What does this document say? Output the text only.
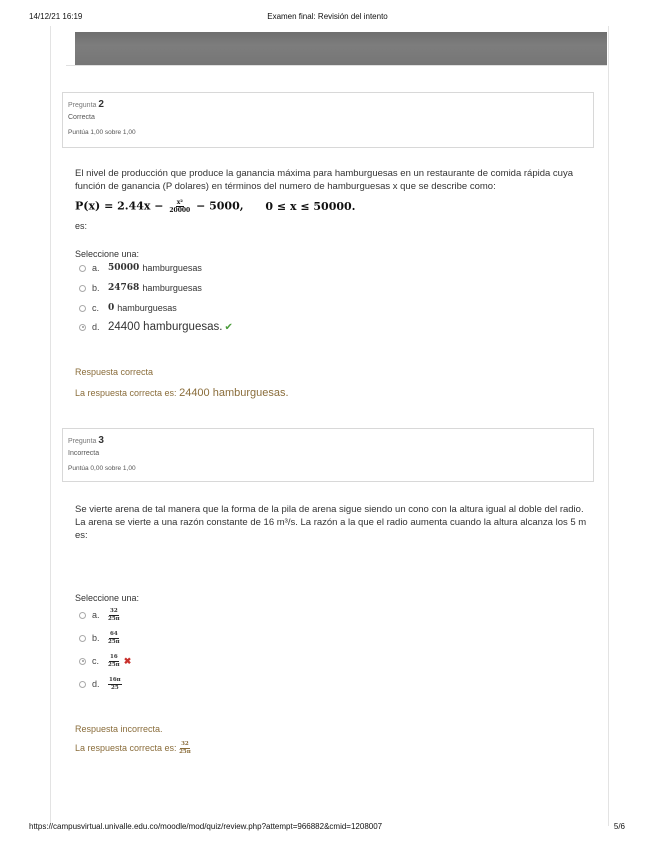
14/12/21 16:19	Examen final: Revisión del intento
Pregunta 2
Correcta
Puntúa 1,00 sobre 1,00
El nivel de producción que produce la ganancia máxima para hamburguesas en un restaurante de comida rápida cuya función de ganancia (P dolares) en términos del numero de hamburguesas x que se describe como:
$P(x) = 2.44x - \frac{\text{x²}}{20000} - 5000$, 0 ≤ x ≤ 50000.
es:
Seleccione una:
a. 50000 hamburguesas
b. 24768 hamburguesas
c. 0 hamburguesas
d. 24400 hamburguesas. ✔
Respuesta correcta
La respuesta correcta es: 24400 hamburguesas.
Pregunta 3
Incorrecta
Puntúa 0,00 sobre 1,00
Se vierte arena de tal manera que la forma de la pila de arena sigue siendo un cono con la altura igual al doble del radio. La arena se vierte a una razón constante de 16 m³/s. La razón a la que el radio aumenta cuando la altura alcanza los 5 m es:
Seleccione una:
a.	32
25π
b.	64
25π
c.	16
25π ✖
d.	16π
25
Respuesta incorrecta.
La respuesta correcta es:
32
25π
https://campusvirtual.univalle.edu.co/moodle/mod/quiz/review.php?attempt=966882&cmid=1208007	5/6
